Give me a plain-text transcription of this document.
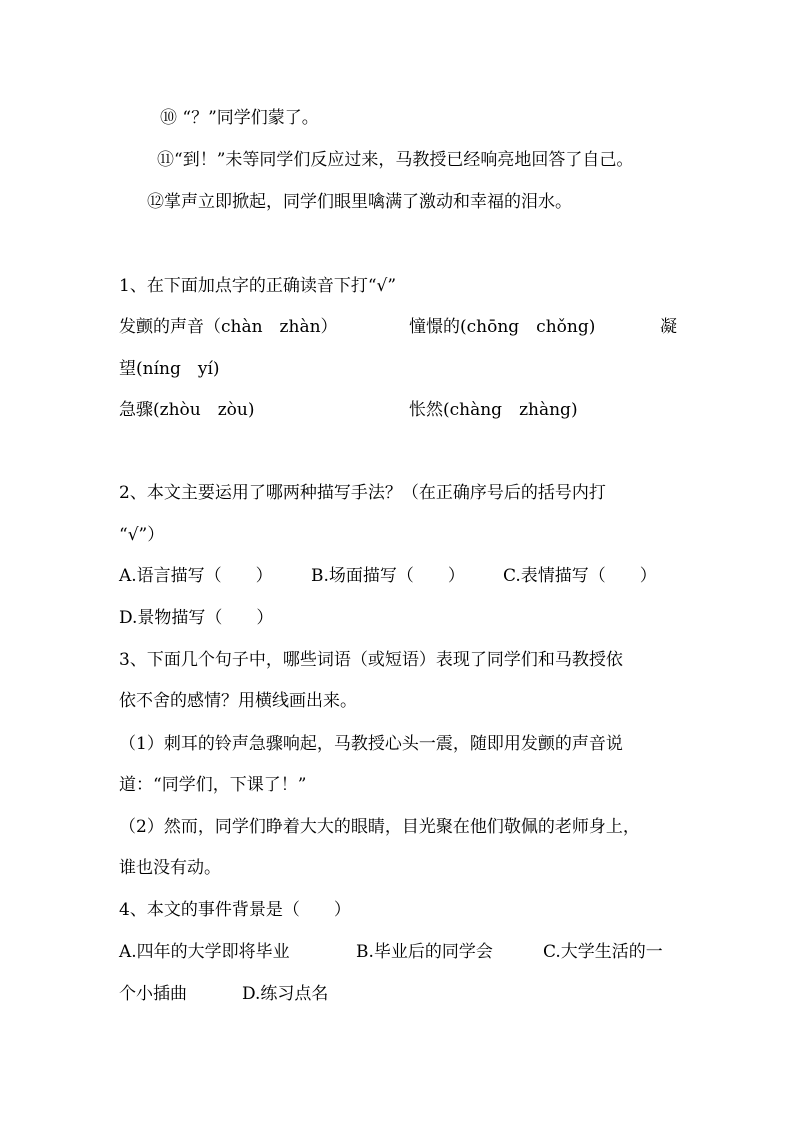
⑩ “？”同学们蒙了。
⑪“到！”未等同学们反应过来，马教授已经响亮地回答了自己。
⑫掌声立即掀起，同学们眼里噙满了激动和幸福的泪水。
1、在下面加点字的正确读音下打“√”
发颤的声音（chàn　zhàn）	憧憬的(chōng　chǒng)	凝
望(níng　yí)
急骤(zhòu　zòu)	怅然(chàng　zhàng)
2、本文主要运用了哪两种描写手法？（在正确序号后的括号内打
“√”）
A.语言描写（　　） B.场面描写（　　） C.表情描写（　　）
D.景物描写（　　）
3、下面几个句子中，哪些词语（或短语）表现了同学们和马教授依
依不舍的感情？用横线画出来。
（1）刺耳的铃声急骤响起，马教授心头一震，随即用发颤的声音说
道：“同学们，下课了！”
（2）然而，同学们睁着大大的眼睛，目光聚在他们敬佩的老师身上，
谁也没有动。
4、本文的事件背景是（　　）
A.四年的大学即将毕业	B.毕业后的同学会	C.大学生活的一
个小插曲	D.练习点名
